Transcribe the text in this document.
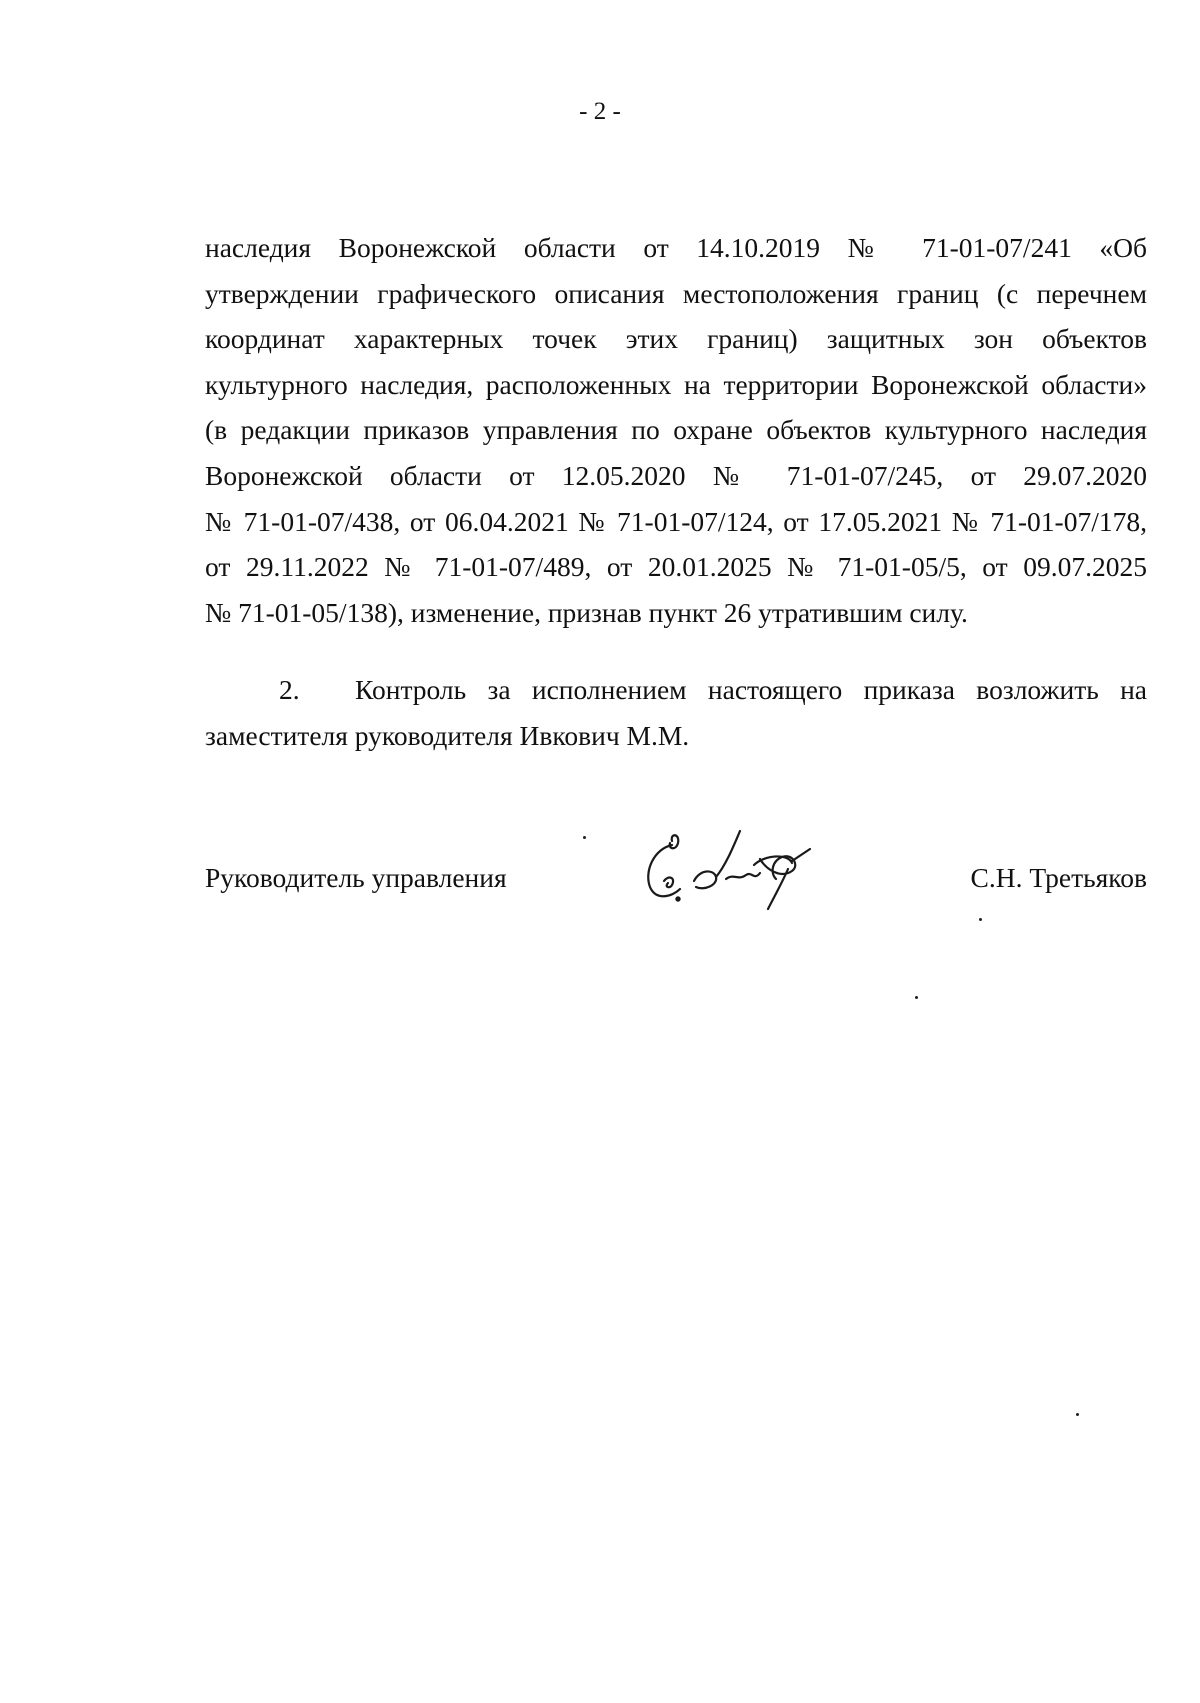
- 2 -
наследия Воронежской области от 14.10.2019 № 71-01-07/241 «Об
утверждении графического описания местоположения границ (с перечнем
координат характерных точек этих границ) защитных зон объектов
культурного наследия, расположенных на территории Воронежской области»
(в редакции приказов управления по охране объектов культурного наследия
Воронежской области от 12.05.2020 № 71-01-07/245, от 29.07.2020
№ 71-01-07/438, от 06.04.2021 № 71-01-07/124, от 17.05.2021 № 71-01-07/178,
от 29.11.2022 № 71-01-07/489, от 20.01.2025 № 71-01-05/5, от 09.07.2025
№ 71-01-05/138), изменение, признав пункт 26 утратившим силу.
2. Контроль за исполнением настоящего приказа возложить на
заместителя руководителя Ивкович М.М.
Руководитель управления	С.Н. Третьяков
